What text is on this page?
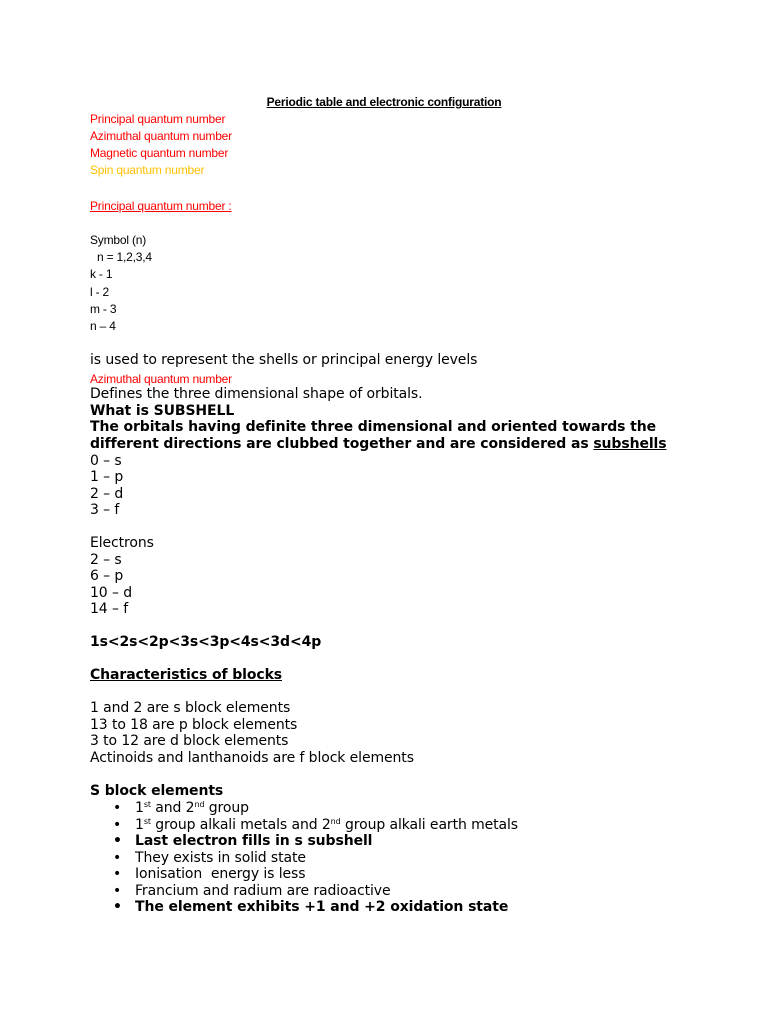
Periodic table and electronic configuration
Principal quantum number
Azimuthal quantum number
Magnetic quantum number
Spin quantum number
Principal quantum number :
Symbol (n)
n = 1,2,3,4
k - 1
l - 2
m - 3
n – 4
is used to represent the shells or principal energy levels
Azimuthal quantum number
Defines the three dimensional shape of orbitals.
What is SUBSHELL
The orbitals having definite three dimensional and oriented towards the
different directions are clubbed together and are considered as subshells
0 – s
1 – p
2 – d
3 – f
Electrons
2 – s
6 – p
10 – d
14 – f
1s<2s<2p<3s<3p<4s<3d<4p
Characteristics of blocks
1 and 2 are s block elements
13 to 18 are p block elements
3 to 12 are d block elements
Actinoids and lanthanoids are f block elements
S block elements
• 1st and 2nd group
• 1st group alkali metals and 2nd group alkali earth metals
• Last electron fills in s subshell
• They exists in solid state
• Ionisation  energy is less
• Francium and radium are radioactive
• The element exhibits +1 and +2 oxidation state
